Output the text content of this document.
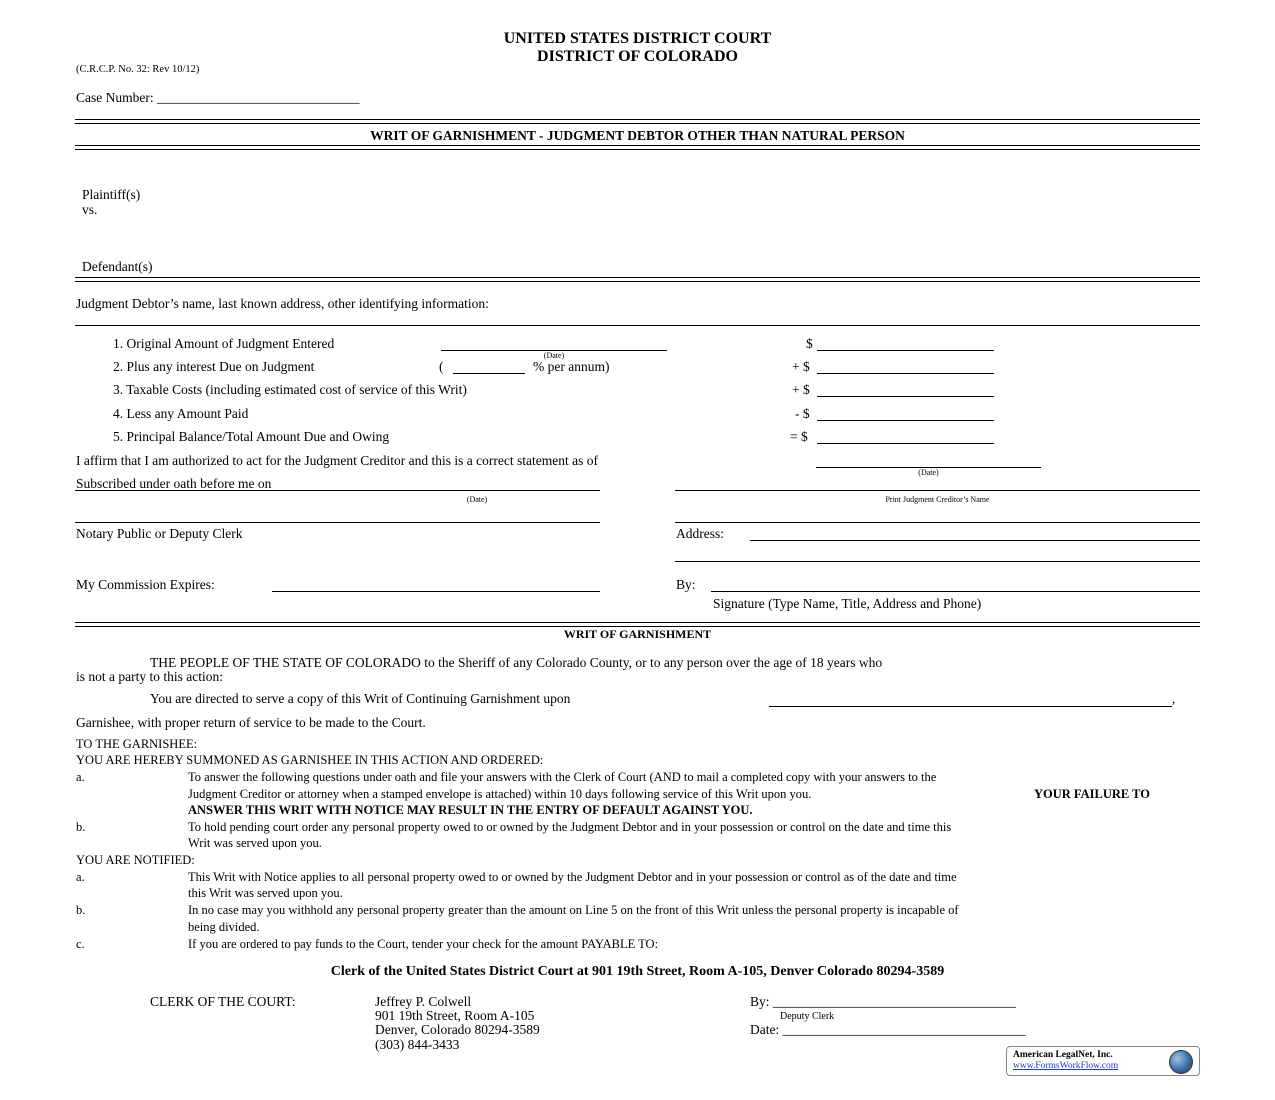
UNITED STATES DISTRICT COURT
DISTRICT OF COLORADO
(C.R.C.P. No. 32: Rev 10/12)
Case Number: ______________________________
WRIT OF GARNISHMENT - JUDGMENT DEBTOR OTHER THAN NATURAL PERSON
Plaintiff(s)
vs.
Defendant(s)
Judgment Debtor’s name, last known address, other identifying information:
1. Original Amount of Judgment Entered
(Date)
$
2. Plus any interest Due on Judgment	(	% per annum)	+ $
3. Taxable Costs (including estimated cost of service of this Writ)	+ $
4. Less any Amount Paid	- $
5. Principal Balance/Total Amount Due and Owing	= $
I affirm that I am authorized to act for the Judgment Creditor and this is a correct statement as of
(Date)
Subscribed under oath before me on
(Date)	Print Judgment Creditor’s Name
Notary Public or Deputy Clerk	Address:
My Commission Expires:	By:
Signature (Type Name, Title, Address and Phone)
WRIT OF GARNISHMENT
THE PEOPLE OF THE STATE OF COLORADO to the Sheriff of any Colorado County, or to any person over the age of 18 years who
is not a party to this action:
You are directed to serve a copy of this Writ of Continuing Garnishment upon	,
Garnishee, with proper return of service to be made to the Court.
TO THE GARNISHEE:
YOU ARE HEREBY SUMMONED AS GARNISHEE IN THIS ACTION AND ORDERED:
a.	To answer the following questions under oath and file your answers with the Clerk of Court (AND to mail a completed copy with your answers to the
Judgment Creditor or attorney when a stamped envelope is attached) within 10 days following service of this Writ upon you.	YOUR FAILURE TO
ANSWER THIS WRIT WITH NOTICE MAY RESULT IN THE ENTRY OF DEFAULT AGAINST YOU.
b.	To hold pending court order any personal property owed to or owned by the Judgment Debtor and in your possession or control on the date and time this
Writ was served upon you.
YOU ARE NOTIFIED:
a.	This Writ with Notice applies to all personal property owed to or owned by the Judgment Debtor and in your possession or control as of the date and time
this Writ was served upon you.
b.	In no case may you withhold any personal property greater than the amount on Line 5 on the front of this Writ unless the personal property is incapable of
being divided.
c.	If you are ordered to pay funds to the Court, tender your check for the amount PAYABLE TO:
Clerk of the United States District Court at 901 19th Street, Room A-105, Denver Colorado 80294-3589
CLERK OF THE COURT:	Jeffrey P. Colwell
901 19th Street, Room A-105
Denver, Colorado 80294-3589
(303) 844-3433
By: ____________________________________
Deputy Clerk
Date: ____________________________________
American LegalNet, Inc.
www.FormsWorkFlow.com
